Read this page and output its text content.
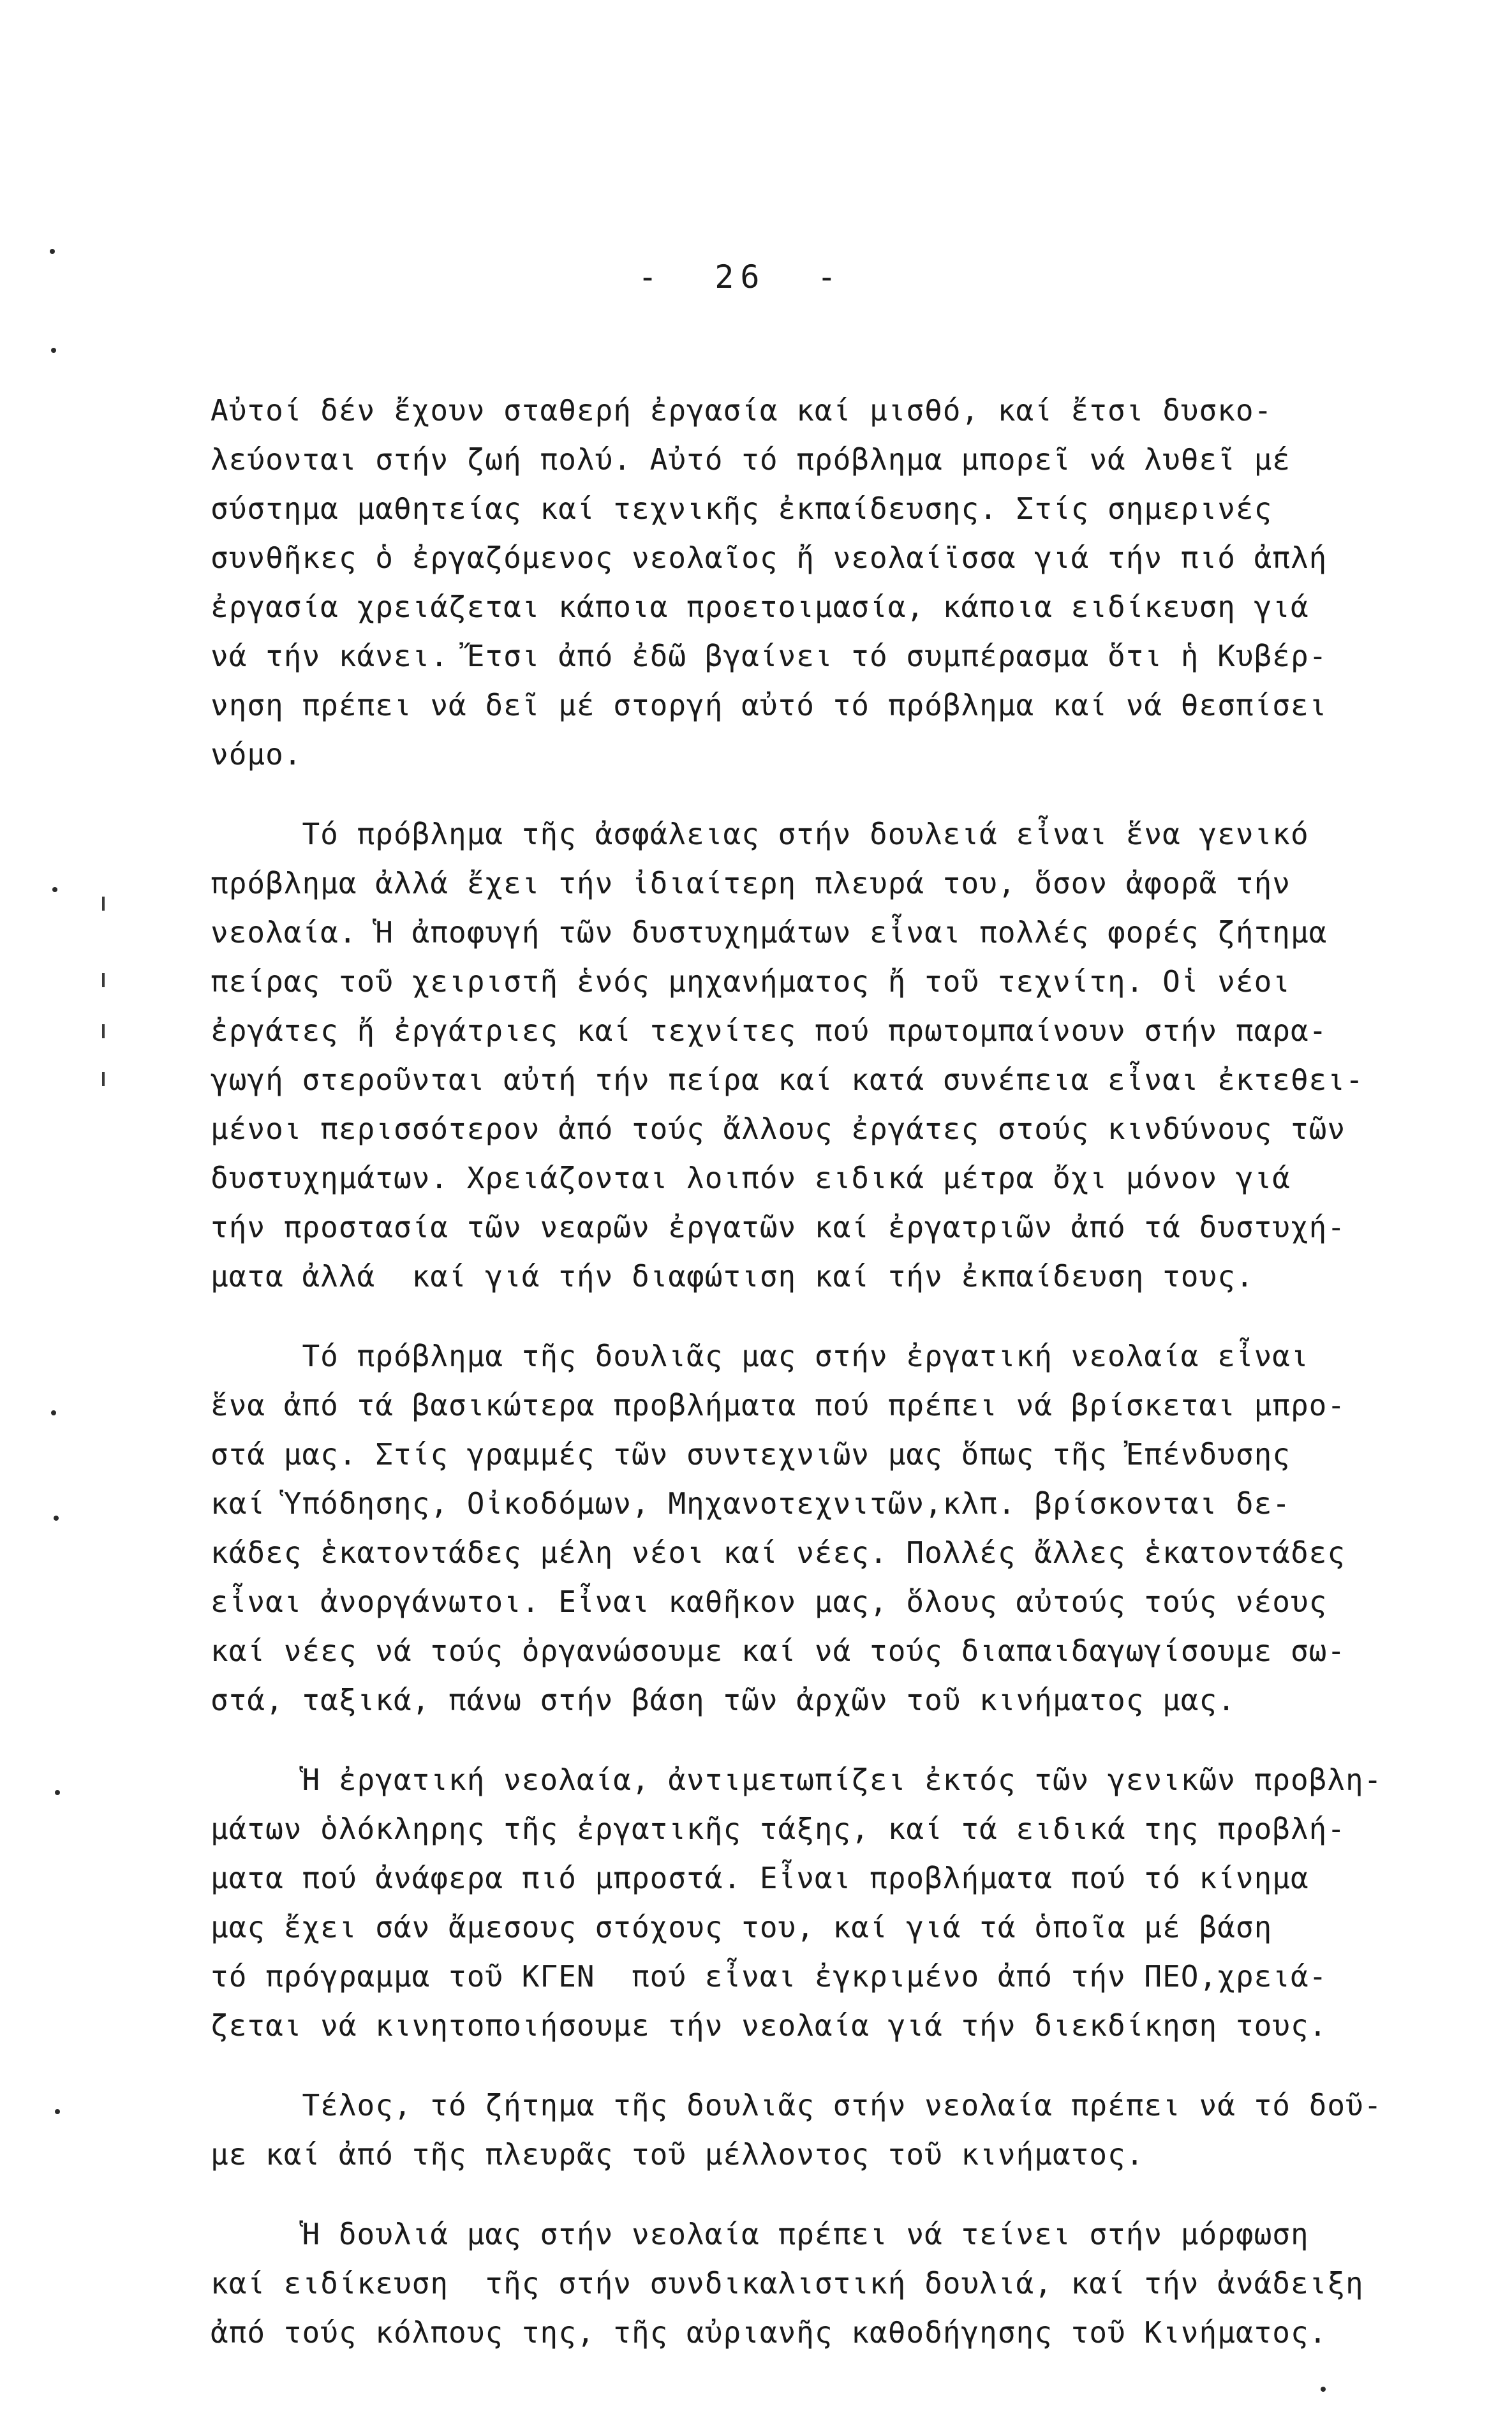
-  26  -
Αὐτοί δέν ἔχουν σταθερή ἐργασία καί μισθό, καί ἔτσι δυσκο-
λεύονται στήν ζωή πολύ. Αὐτό τό πρόβλημα μπορεῖ νά λυθεῖ μέ
σύστημα μαθητείας καί τεχνικῆς ἐκπαίδευσης. Στίς σημερινές
συνθῆκες ὁ ἐργαζόμενος νεολαῖος ἤ νεολαίϊσσα γιά τήν πιό ἀπλή
ἐργασία χρειάζεται κάποια προετοιμασία, κάποια ειδίκευση γιά
νά τήν κάνει. Ἔτσι ἀπό ἐδῶ βγαίνει τό συμπέρασμα ὅτι ἡ Κυβέρ-
νηση πρέπει νά δεῖ μέ στοργή αὐτό τό πρόβλημα καί νά θεσπίσει
νόμο.
Τό πρόβλημα τῆς ἀσφάλειας στήν δουλειά εἶναι ἕνα γενικό
πρόβλημα ἀλλά ἔχει τήν ἰδιαίτερη πλευρά του, ὅσον ἀφορᾶ τήν
νεολαία. Ἡ ἀποφυγή τῶν δυστυχημάτων εἶναι πολλές φορές ζήτημα
πείρας τοῦ χειριστῆ ἑνός μηχανήματος ἤ τοῦ τεχνίτη. Οἱ νέοι
ἐργάτες ἤ ἐργάτριες καί τεχνίτες πού πρωτομπαίνουν στήν παρα-
γωγή στεροῦνται αὐτή τήν πείρα καί κατά συνέπεια εἶναι ἐκτεθει-
μένοι περισσότερον ἀπό τούς ἄλλους ἐργάτες στούς κινδύνους τῶν
δυστυχημάτων. Χρειάζονται λοιπόν ειδικά μέτρα ὄχι μόνον γιά
τήν προστασία τῶν νεαρῶν ἐργατῶν καί ἐργατριῶν ἀπό τά δυστυχή-
ματα ἀλλά  καί γιά τήν διαφώτιση καί τήν ἐκπαίδευση τους.
Τό πρόβλημα τῆς δουλιᾶς μας στήν ἐργατική νεολαία εἶναι
ἕνα ἀπό τά βασικώτερα προβλήματα πού πρέπει νά βρίσκεται μπρο-
στά μας. Στίς γραμμές τῶν συντεχνιῶν μας ὅπως τῆς Ἐπένδυσης
καί Ὑπόδησης, Οἰκοδόμων, Μηχανοτεχνιτῶν,κλπ. βρίσκονται δε-
κάδες ἑκατοντάδες μέλη νέοι καί νέες. Πολλές ἄλλες ἑκατοντάδες
εἶναι ἀνοργάνωτοι. Εἶναι καθῆκον μας, ὅλους αὐτούς τούς νέους
καί νέες νά τούς ὀργανώσουμε καί νά τούς διαπαιδαγωγίσουμε σω-
στά, ταξικά, πάνω στήν βάση τῶν ἀρχῶν τοῦ κινήματος μας.
Ἡ ἐργατική νεολαία, ἀντιμετωπίζει ἐκτός τῶν γενικῶν προβλη-
μάτων ὁλόκληρης τῆς ἐργατικῆς τάξης, καί τά ειδικά της προβλή-
ματα πού ἀνάφερα πιό μπροστά. Εἶναι προβλήματα πού τό κίνημα
μας ἔχει σάν ἄμεσους στόχους του, καί γιά τά ὁποῖα μέ βάση
τό πρόγραμμα τοῦ ΚΓΕΝ  πού εἶναι ἐγκριμένο ἀπό τήν ΠΕΟ,χρειά-
ζεται νά κινητοποιήσουμε τήν νεολαία γιά τήν διεκδίκηση τους.
Τέλος, τό ζήτημα τῆς δουλιᾶς στήν νεολαία πρέπει νά τό δοῦ-
με καί ἀπό τῆς πλευρᾶς τοῦ μέλλοντος τοῦ κινήματος.
Ἡ δουλιά μας στήν νεολαία πρέπει νά τείνει στήν μόρφωση
καί ειδίκευση  τῆς στήν συνδικαλιστική δουλιά, καί τήν ἀνάδειξη
ἀπό τούς κόλπους της, τῆς αὐριανῆς καθοδήγησης τοῦ Κινήματος.
